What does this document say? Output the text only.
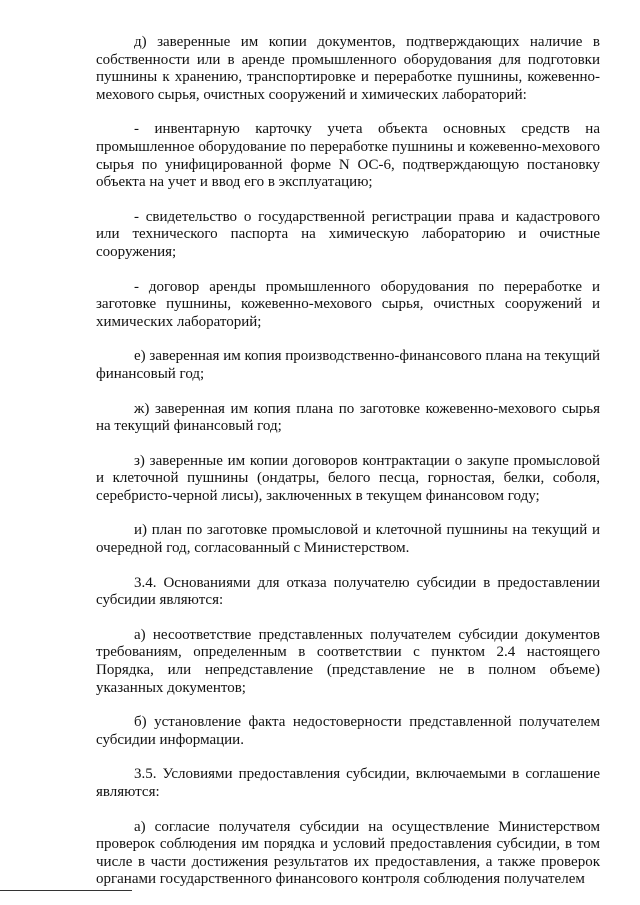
д) заверенные им копии документов, подтверждающих наличие в собственности или в аренде промышленного оборудования для подготовки пушнины к хранению, транспортировке и переработке пушнины, кожевенно-мехового сырья, очистных сооружений и химических лабораторий:

- инвентарную карточку учета объекта основных средств на промышленное оборудование по переработке пушнины и кожевенно-мехового сырья по унифицированной форме N ОС-6, подтверждающую постановку объекта на учет и ввод его в эксплуатацию;

- свидетельство о государственной регистрации права и кадастрового или технического паспорта на химическую лабораторию и очистные сооружения;

- договор аренды промышленного оборудования по переработке и заготовке пушнины, кожевенно-мехового сырья, очистных сооружений и химических лабораторий;

е) заверенная им копия производственно-финансового плана на текущий финансовый год;

ж) заверенная им копия плана по заготовке кожевенно-мехового сырья на текущий финансовый год;

з) заверенные им копии договоров контрактации о закупе промысловой и клеточной пушнины (ондатры, белого песца, горностая, белки, соболя, серебристо-черной лисы), заключенных в текущем финансовом году;

и) план по заготовке промысловой и клеточной пушнины на текущий и очередной год, согласованный с Министерством.

3.4. Основаниями для отказа получателю субсидии в предоставлении субсидии являются:

а) несоответствие представленных получателем субсидии документов требованиям, определенным в соответствии с пунктом 2.4 настоящего Порядка, или непредставление (представление не в полном объеме) указанных документов;

б) установление факта недостоверности представленной получателем субсидии информации.

3.5. Условиями предоставления субсидии, включаемыми в соглашение являются:

а) согласие получателя субсидии на осуществление Министерством проверок соблюдения им порядка и условий предоставления субсидии, в том числе в части достижения результатов их предоставления, а также проверок органами государственного финансового контроля соблюдения получателем
